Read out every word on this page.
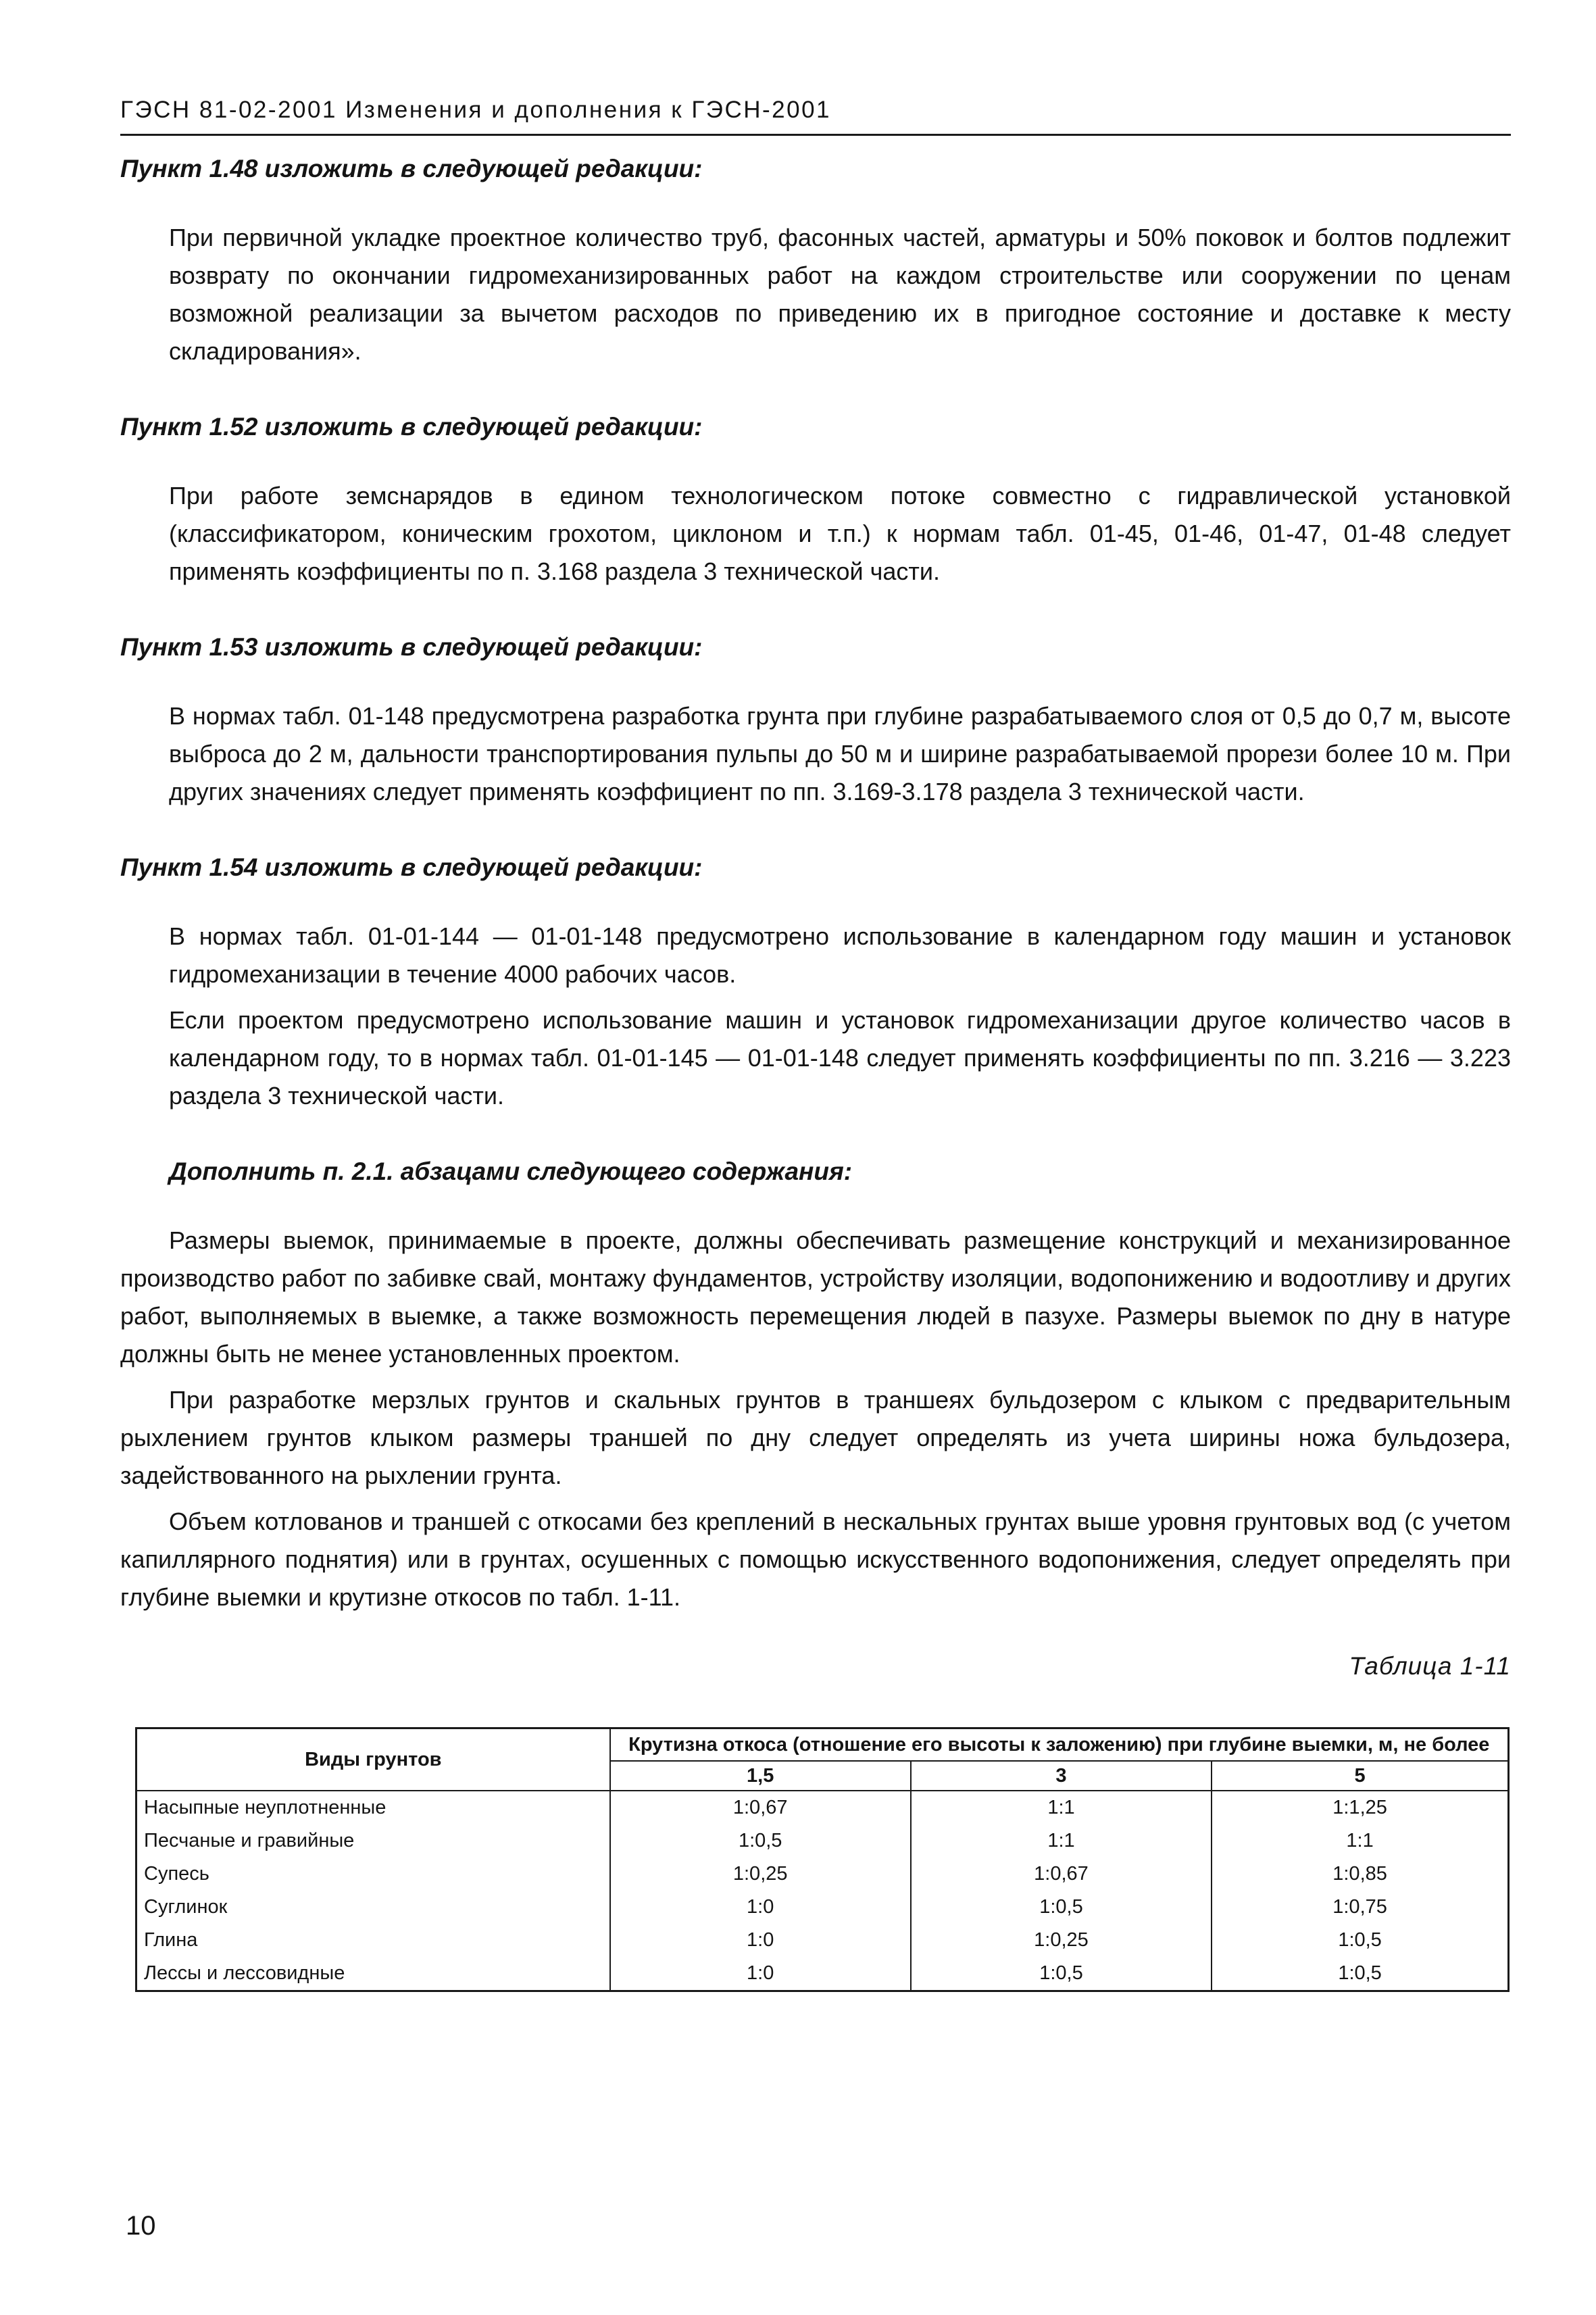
ГЭСН 81-02-2001 Изменения и дополнения к ГЭСН-2001
Пункт 1.48 изложить в следующей редакции:

При первичной укладке проектное количество труб, фасонных частей, арматуры и 50% поковок и болтов подлежит возврату по окончании гидромеханизированных работ на каждом строительстве или сооружении по ценам возможной реализации за вычетом расходов по приведению их в пригодное состояние и доставке к месту складирования».

Пункт 1.52 изложить в следующей редакции:

При работе земснарядов в едином технологическом потоке совместно с гидравлической установкой (классификатором, коническим грохотом, циклоном и т.п.) к нормам табл. 01-45, 01-46, 01-47, 01-48 следует применять коэффициенты по п. 3.168 раздела 3 технической части.

Пункт 1.53 изложить в следующей редакции:

В нормах табл. 01-148 предусмотрена разработка грунта при глубине разрабатываемого слоя от 0,5 до 0,7 м, высоте выброса до 2 м, дальности транспортирования пульпы до 50 м и ширине разрабатываемой прорези более 10 м. При других значениях следует применять коэффициент по пп. 3.169-3.178 раздела 3 технической части.

Пункт 1.54 изложить в следующей редакции:

В нормах табл. 01-01-144 — 01-01-148 предусмотрено использование в календарном году машин и установок гидромеханизации в течение 4000 рабочих часов.

Если проектом предусмотрено использование машин и установок гидромеханизации другое количество часов в календарном году, то в нормах табл. 01-01-145 — 01-01-148 следует применять коэффициенты по пп. 3.216 — 3.223 раздела 3 технической части.

Дополнить п. 2.1. абзацами следующего содержания:

Размеры выемок, принимаемые в проекте, должны обеспечивать размещение конструкций и механизированное производство работ по забивке свай, монтажу фундаментов, устройству изоляции, водопонижению и водоотливу и других работ, выполняемых в выемке, а также возможность перемещения людей в пазухе. Размеры выемок по дну в натуре должны быть не менее установленных проектом.

При разработке мерзлых грунтов и скальных грунтов в траншеях бульдозером с клыком с предварительным рыхлением грунтов клыком размеры траншей по дну следует определять из учета ширины ножа бульдозера, задействованного на рыхлении грунта.

Объем котлованов и траншей с откосами без креплений в нескальных грунтах выше уровня грунтовых вод (с учетом капиллярного поднятия) или в грунтах, осушенных с помощью искусственного водопонижения, следует определять при глубине выемки и крутизне откосов по табл. 1-11.

Таблица 1-11

Виды грунтов	Крутизна откоса (отношение его высоты к заложению) при глубине выемки, м, не более		
	1,5	3	5
Насыпные неуплотненные	1:0,67	1:1	1:1,25
Песчаные и гравийные	1:0,5	1:1	1:1
Супесь	1:0,25	1:0,67	1:0,85
Суглинок	1:0	1:0,5	1:0,75
Глина	1:0	1:0,25	1:0,5
Лессы и лессовидные	1:0	1:0,5	1:0,5
10
